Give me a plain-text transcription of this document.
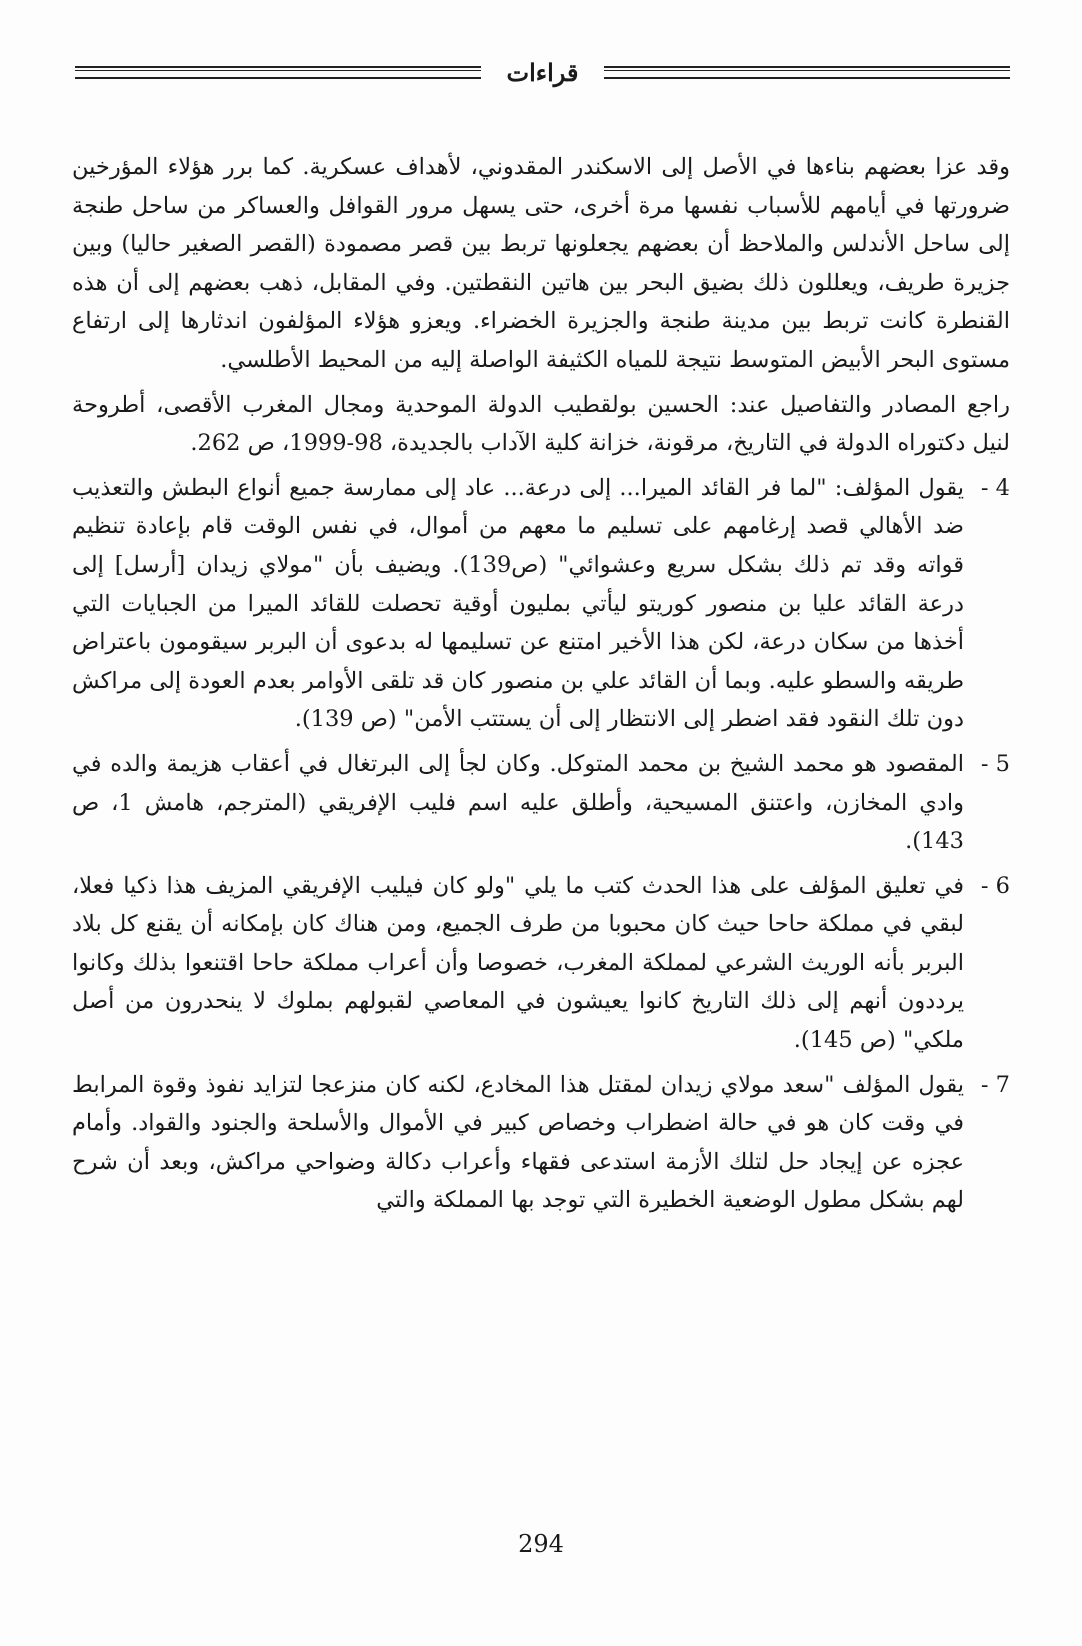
قراءات

وقد عزا بعضهم بناءها في الأصل إلى الاسكندر المقدوني، لأهداف عسكرية. كما برر هؤلاء المؤرخين ضرورتها في أيامهم للأسباب نفسها مرة أخرى، حتى يسهل مرور القوافل والعساكر من ساحل طنجة إلى ساحل الأندلس والملاحظ أن بعضهم يجعلونها تربط بين قصر مصمودة (القصر الصغير حاليا) وبين جزيرة طريف، ويعللون ذلك بضيق البحر بين هاتين النقطتين. وفي المقابل، ذهب بعضهم إلى أن هذه القنطرة كانت تربط بين مدينة طنجة والجزيرة الخضراء. ويعزو هؤلاء المؤلفون اندثارها إلى ارتفاع مستوى البحر الأبيض المتوسط نتيجة للمياه الكثيفة الواصلة إليه من المحيط الأطلسي.

راجع المصادر والتفاصيل عند: الحسين بولقطيب الدولة الموحدية ومجال المغرب الأقصى، أطروحة لنيل دكتوراه الدولة في التاريخ، مرقونة، خزانة كلية الآداب بالجديدة، 98-1999، ص 262.

4 -
يقول المؤلف: "لما فر القائد الميرا... إلى درعة... عاد إلى ممارسة جميع أنواع البطش والتعذيب ضد الأهالي قصد إرغامهم على تسليم ما معهم من أموال، في نفس الوقت قام بإعادة تنظيم قواته وقد تم ذلك بشكل سريع وعشوائي" (ص139). ويضيف بأن "مولاي زيدان [أرسل] إلى درعة القائد عليا بن منصور كوريتو ليأتي بمليون أوقية تحصلت للقائد الميرا من الجبايات التي أخذها من سكان درعة، لكن هذا الأخير امتنع عن تسليمها له بدعوى أن البربر سيقومون باعتراض طريقه والسطو عليه. وبما أن القائد علي بن منصور كان قد تلقى الأوامر بعدم العودة إلى مراكش دون تلك النقود فقد اضطر إلى الانتظار إلى أن يستتب الأمن" (ص 139).
5 -
المقصود هو محمد الشيخ بن محمد المتوكل. وكان لجأ إلى البرتغال في أعقاب هزيمة والده في وادي المخازن، واعتنق المسيحية، وأطلق عليه اسم فليب الإفريقي (المترجم، هامش 1، ص 143).
6 -
في تعليق المؤلف على هذا الحدث كتب ما يلي "ولو كان فيليب الإفريقي المزيف هذا ذكيا فعلا، لبقي في مملكة حاحا حيث كان محبوبا من طرف الجميع، ومن هناك كان بإمكانه أن يقنع كل بلاد البربر بأنه الوريث الشرعي لمملكة المغرب، خصوصا وأن أعراب مملكة حاحا اقتنعوا بذلك وكانوا يرددون أنهم إلى ذلك التاريخ كانوا يعيشون في المعاصي لقبولهم بملوك لا ينحدرون من أصل ملكي" (ص 145).
7 -
يقول المؤلف "سعد مولاي زيدان لمقتل هذا المخادع، لكنه كان منزعجا لتزايد نفوذ وقوة المرابط في وقت كان هو في حالة اضطراب وخصاص كبير في الأموال والأسلحة والجنود والقواد. وأمام عجزه عن إيجاد حل لتلك الأزمة استدعى فقهاء وأعراب دكالة وضواحي مراكش، وبعد أن شرح لهم بشكل مطول الوضعية الخطيرة التي توجد بها المملكة والتي
294
